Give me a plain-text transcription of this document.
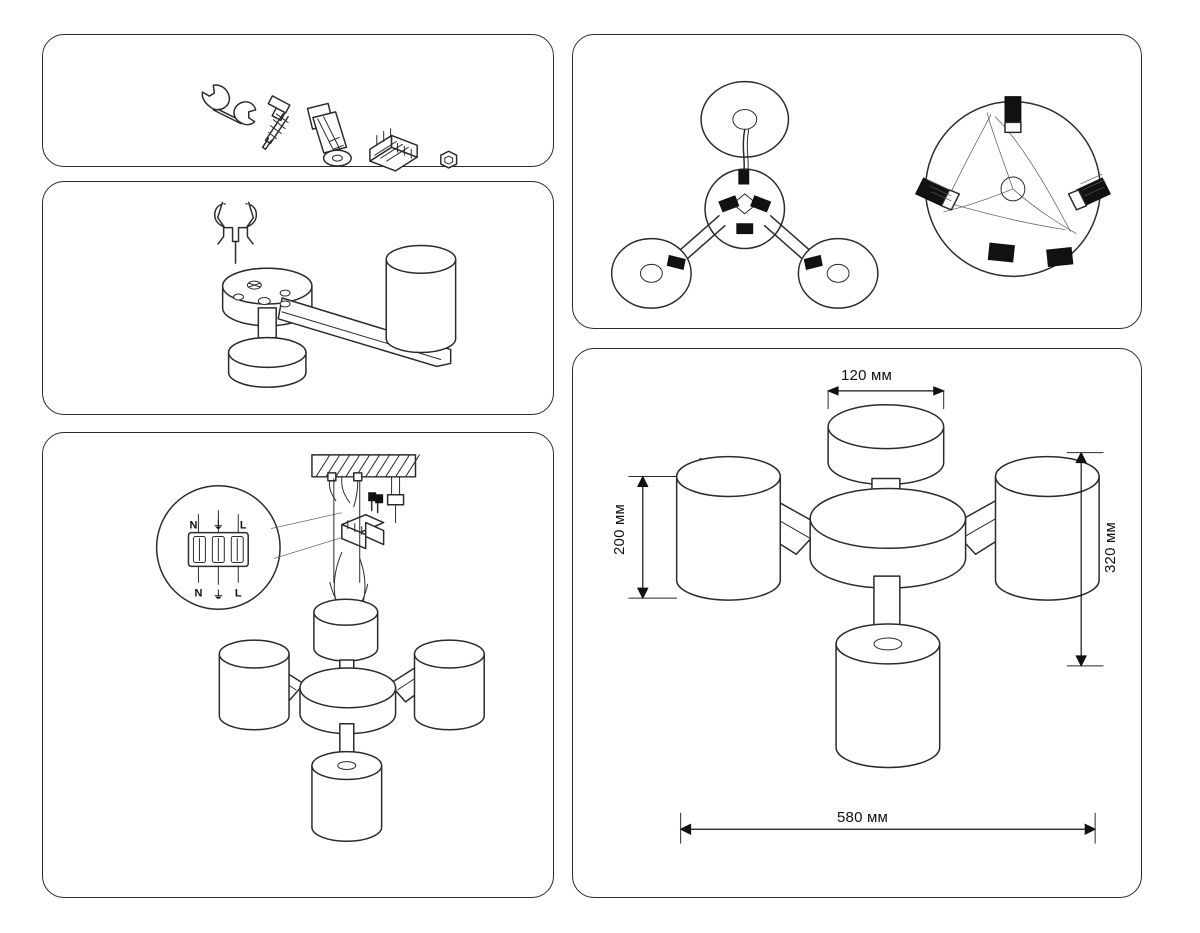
N ⏚ L
N ⏚ L
120 мм
200 мм	320 мм
580 мм
